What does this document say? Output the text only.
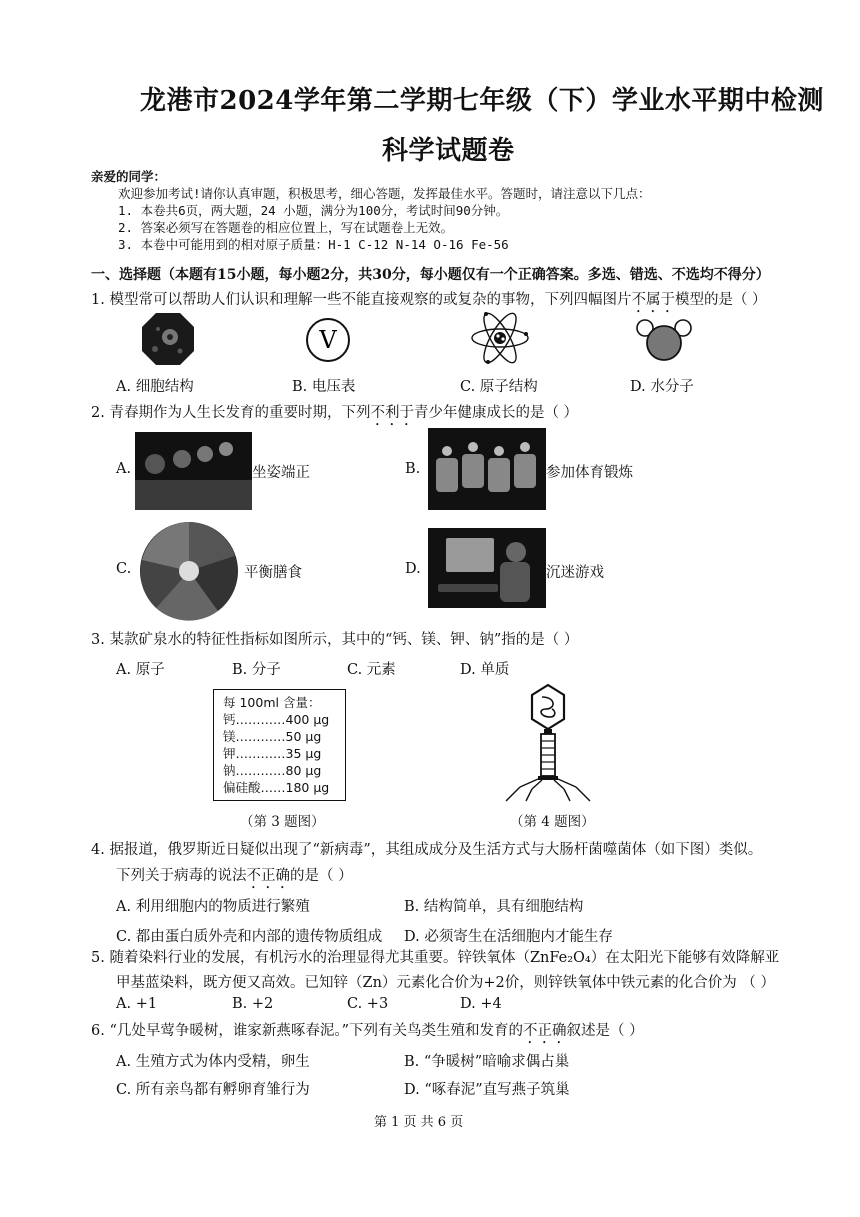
龙港市2024学年第二学期七年级（下）学业水平期中检测
科学试题卷
亲爱的同学：
欢迎参加考试!请你认真审题，积极思考，细心答题，发挥最佳水平。答题时，请注意以下几点：
1. 本卷共6页，两大题，24 小题，满分为100分，考试时间90分钟。
2. 答案必须写在答题卷的相应位置上，写在试题卷上无效。
3. 本卷中可能用到的相对原子质量：H-1 C-12 N-14 O-16 Fe-56
一、选择题（本题有15小题，每小题2分，共30分，每小题仅有一个正确答案。多选、错选、不选均不得分）
1. 模型常可以帮助人们认识和理解一些不能直接观察的或复杂的事物，下列四幅图片不属于模型的是（ ）
V
A. 细胞结构	B. 电压表	C. 原子结构	D. 水分子
2. 青春期作为人生长发育的重要时期，下列不利于青少年健康成长的是（ ）
A.	坐姿端正	B.	参加体育锻炼
C.	平衡膳食	D.	沉迷游戏
3. 某款矿泉水的特征性指标如图所示，其中的“钙、镁、钾、钠”指的是（ ）
A. 原子	B. 分子	C. 元素	D. 单质
每 100ml 含量：
钙…………400 μg
镁…………50 μg
钾…………35 μg
钠…………80 μg
偏硅酸……180 μg
（第 3 题图）	（第 4 题图）
4. 据报道，俄罗斯近日疑似出现了“新病毒”，其组成成分及生活方式与大肠杆菌噬菌体（如下图）类似。
下列关于病毒的说法不正确的是（ ）
A. 利用细胞内的物质进行繁殖	B. 结构简单，具有细胞结构
C. 都由蛋白质外壳和内部的遗传物质组成 D. 必须寄生在活细胞内才能生存
5. 随着染料行业的发展，有机污水的治理显得尤其重要。锌铁氧体（ZnFe₂O₄）在太阳光下能够有效降解亚
甲基蓝染料，既方便又高效。已知锌（Zn）元素化合价为+2价，则锌铁氧体中铁元素的化合价为 （ ）
A. +1	B. +2	C. +3	D. +4
6. “几处早莺争暖树，谁家新燕啄春泥。”下列有关鸟类生殖和发育的不正确叙述是（ ）
A. 生殖方式为体内受精，卵生	B. “争暖树”暗喻求偶占巢
C. 所有亲鸟都有孵卵育雏行为	D. “啄春泥”直写燕子筑巢
第 1 页 共 6 页
